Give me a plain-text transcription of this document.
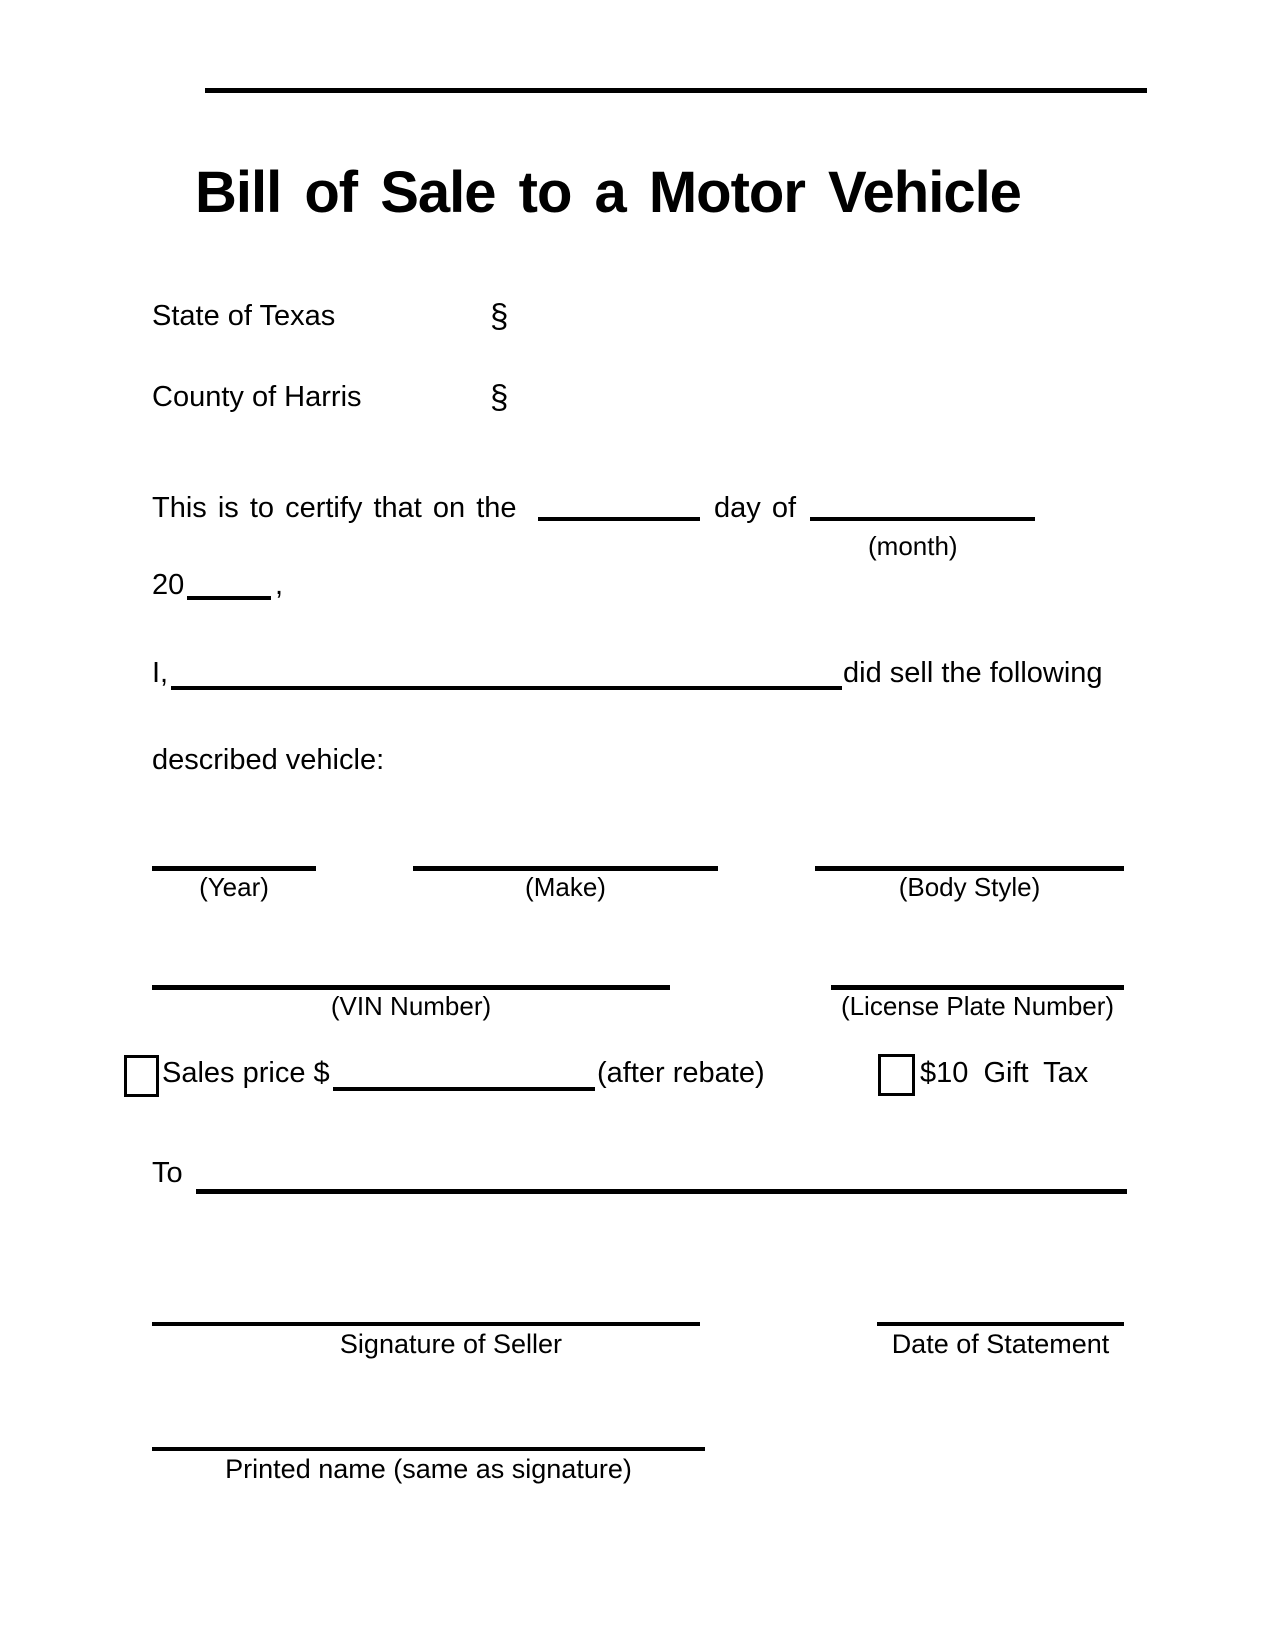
Bill of Sale to a Motor Vehicle
State of Texas	§
County of Harris	§
This is to certify that on the	day of
(month)
20	,
I,	did sell the following
described vehicle:
(Year)	(Make)	(Body Style)
(VIN Number)	(License Plate Number)
Sales price $	(after rebate)	$10 Gift Tax
To
Signature of Seller	Date of Statement
Printed name (same as signature)
